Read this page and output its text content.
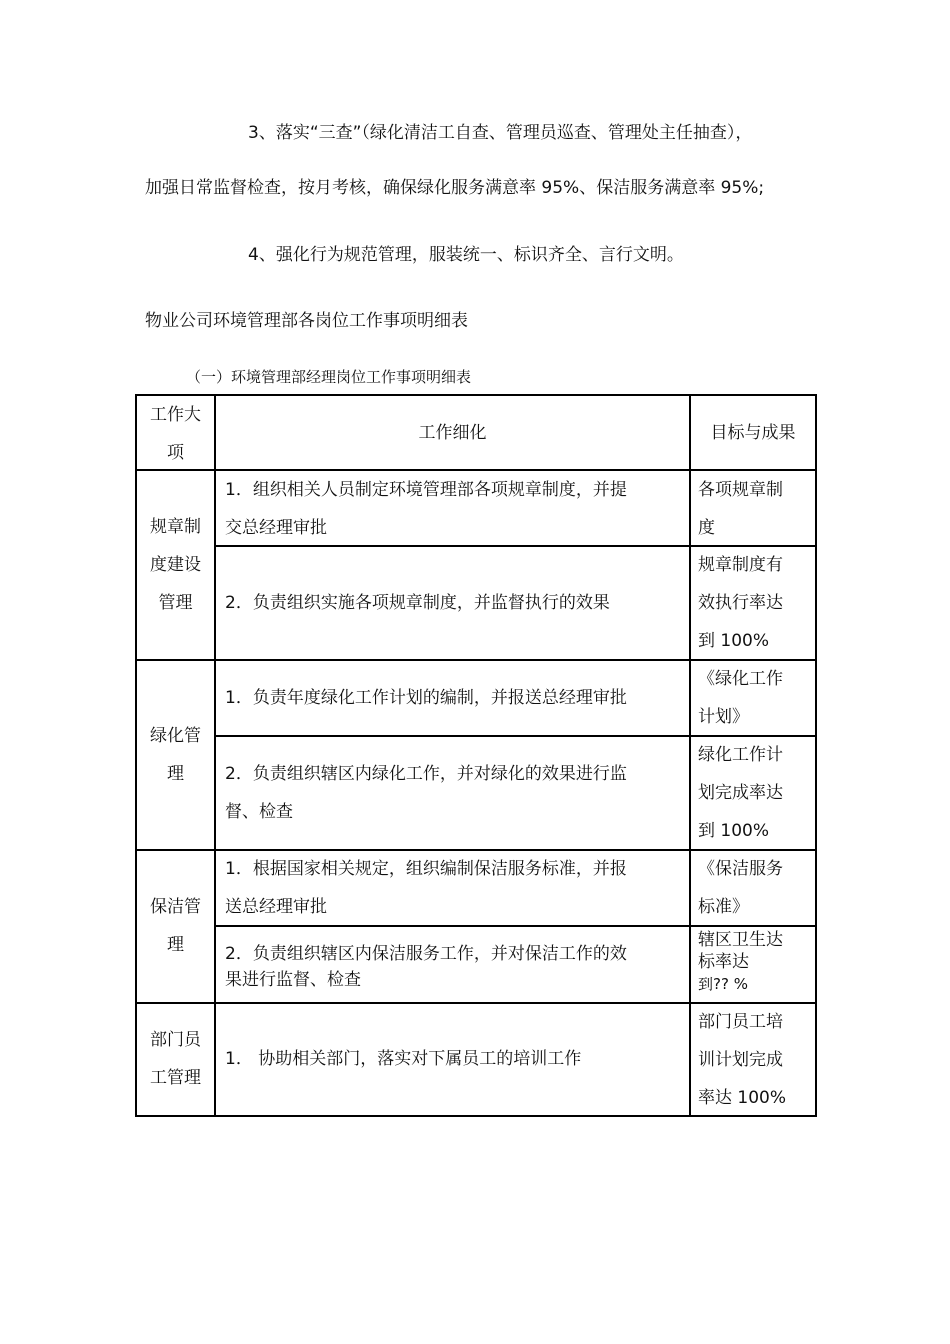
3、落实“三查”（绿化清洁工自查、管理员巡查、管理处主任抽查），

加强日常监督检查，按月考核，确保绿化服务满意率 95%、保洁服务满意率 95%;

4、强化行为规范管理，服装统一、标识齐全、言行文明。

物业公司环境管理部各岗位工作事项明细表

（一）环境管理部经理岗位工作事项明细表

工作大
项
工作细化	目标与成果
规章制
度建设
管理
1．组织相关人员制定环境管理部各项规章制度，并提
交总经理审批
各项规章制
度
2．负责组织实施各项规章制度，并监督执行的效果
规章制度有
效执行率达
到 100%
绿化管
理
1．负责年度绿化工作计划的编制，并报送总经理审批
《绿化工作
计划》
2．负责组织辖区内绿化工作，并对绿化的效果进行监
督、检查
绿化工作计
划完成率达
到 100%
保洁管
理
1．根据国家相关规定，组织编制保洁服务标准，并报
送总经理审批
《保洁服务
标准》
2．负责组织辖区内保洁服务工作，并对保洁工作的效
果进行监督、检查
辖区卫生达
标率达
到?? %
部门员
工管理
1． 协助相关部门，落实对下属员工的培训工作
部门员工培
训计划完成
率达 100%
